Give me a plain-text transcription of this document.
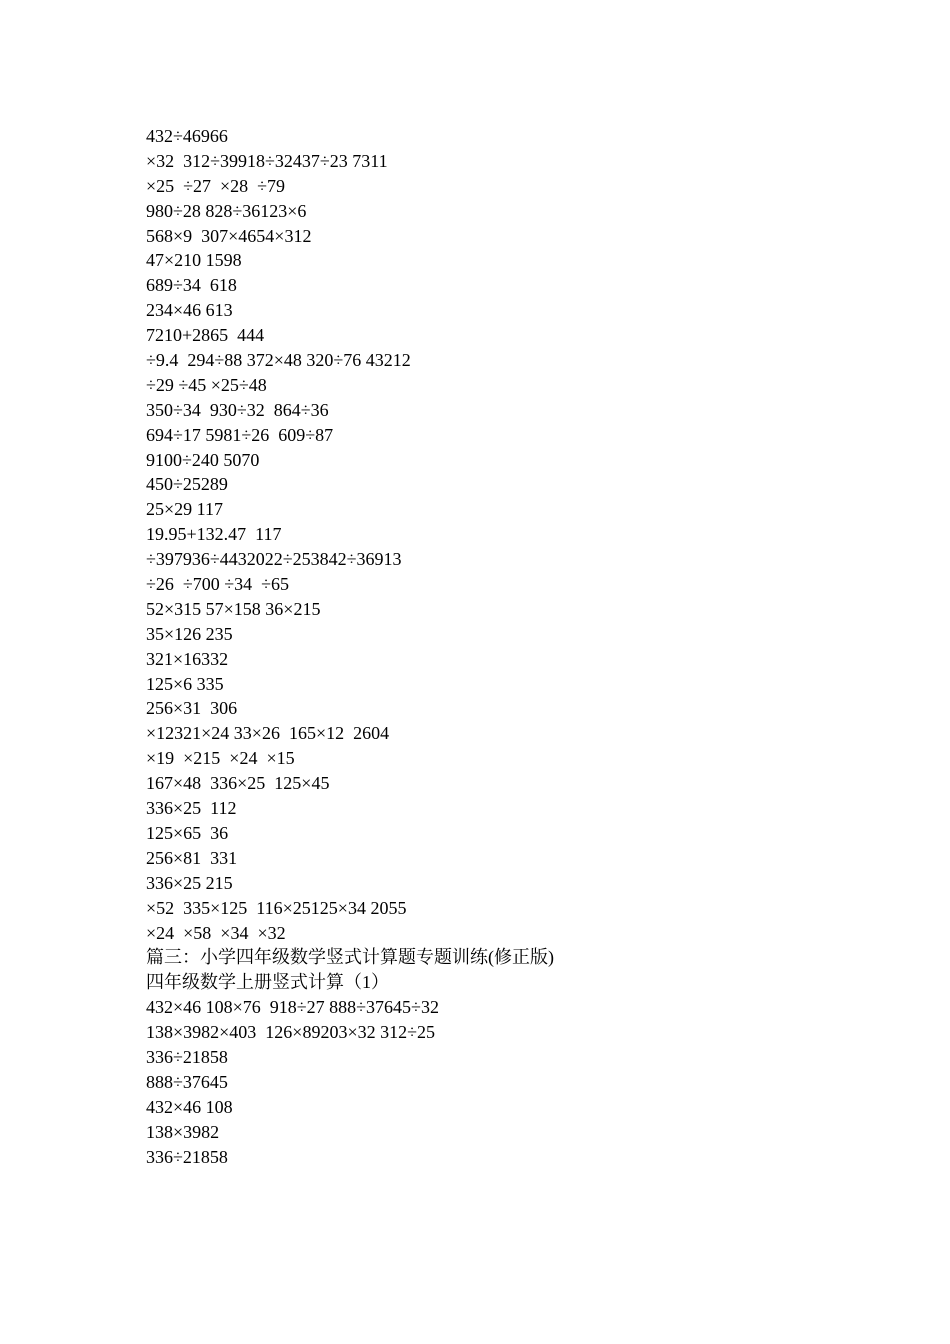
432÷46966
×32  312÷39918÷32437÷23 7311
×25  ÷27  ×28  ÷79
980÷28 828÷36123×6
568×9  307×4654×312
47×210 1598
689÷34  618
234×46 613
7210+2865  444
÷9.4  294÷88 372×48 320÷76 43212
÷29 ÷45 ×25÷48
350÷34  930÷32  864÷36
694÷17 5981÷26  609÷87
9100÷240 5070
450÷25289
25×29 117
19.95+132.47  117
÷397936÷4432022÷253842÷36913
÷26  ÷700 ÷34  ÷65
52×315 57×158 36×215
35×126 235
321×16332
125×6 335
256×31  306
×12321×24 33×26  165×12  2604
×19  ×215  ×24  ×15
167×48  336×25  125×45
336×25  112
125×65  36
256×81  331
336×25 215
×52  335×125  116×25125×34 2055
×24  ×58  ×34  ×32
篇三：小学四年级数学竖式计算题专题训练(修正版)
四年级数学上册竖式计算（1）
432×46 108×76  918÷27 888÷37645÷32
138×3982×403  126×89203×32 312÷25
336÷21858
888÷37645
432×46 108
138×3982
336÷21858
